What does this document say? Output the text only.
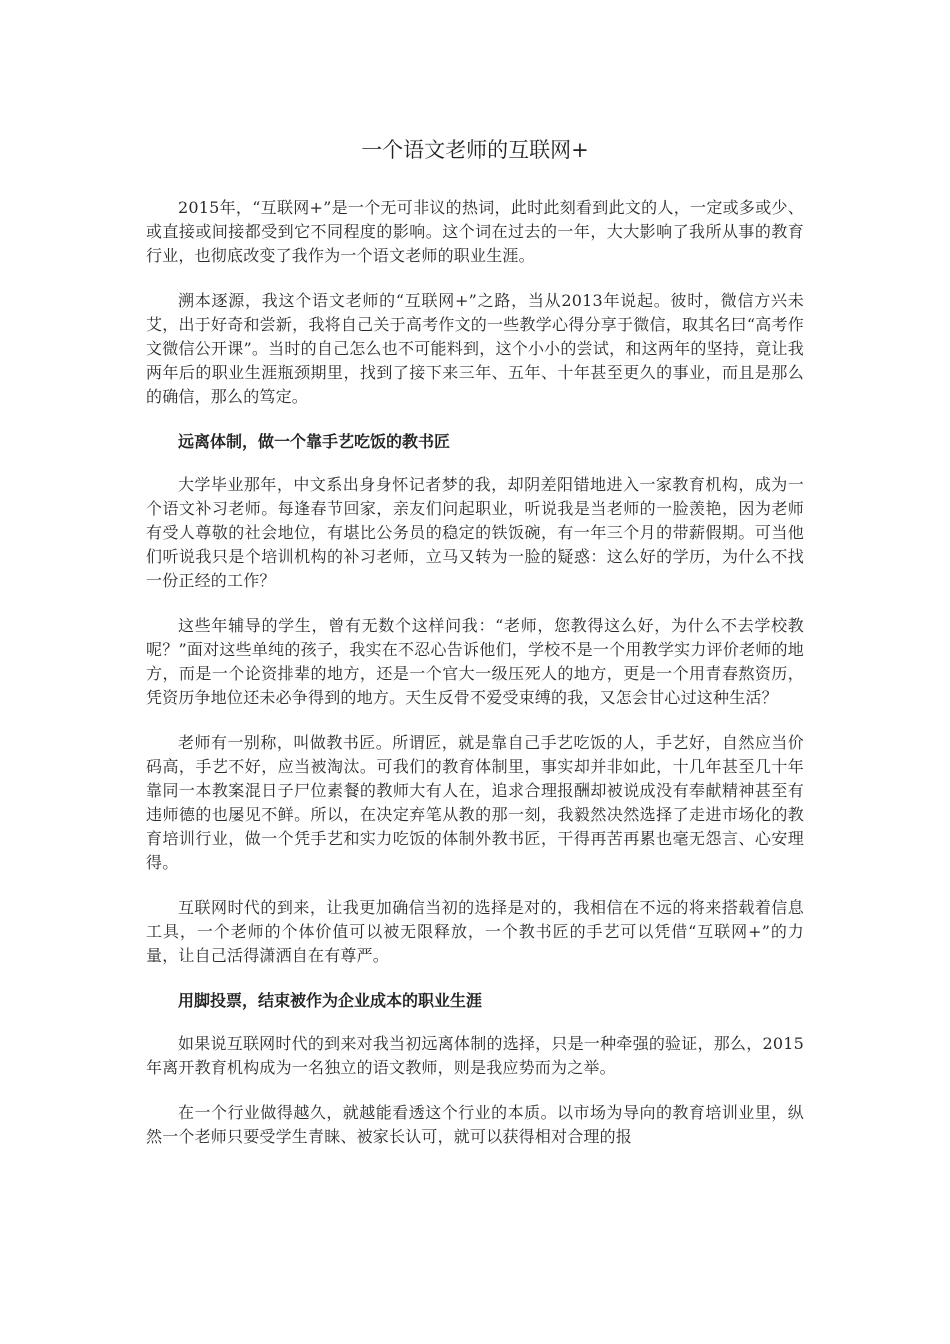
一个语文老师的互联网+

2015年，“互联网+”是一个无可非议的热词，此时此刻看到此文的人，一定或多或少、或直接或间接都受到它不同程度的影响。这个词在过去的一年，大大影响了我所从事的教育行业，也彻底改变了我作为一个语文老师的职业生涯。

溯本逐源，我这个语文老师的“互联网+”之路，当从2013年说起。彼时，微信方兴未艾，出于好奇和尝新，我将自己关于高考作文的一些教学心得分享于微信，取其名曰“高考作文微信公开课”。当时的自己怎么也不可能料到，这个小小的尝试，和这两年的坚持，竟让我两年后的职业生涯瓶颈期里，找到了接下来三年、五年、十年甚至更久的事业，而且是那么的确信，那么的笃定。

远离体制，做一个靠手艺吃饭的教书匠

大学毕业那年，中文系出身身怀记者梦的我，却阴差阳错地进入一家教育机构，成为一个语文补习老师。每逢春节回家，亲友们问起职业，听说我是当老师的一脸羡艳，因为老师有受人尊敬的社会地位，有堪比公务员的稳定的铁饭碗，有一年三个月的带薪假期。可当他们听说我只是个培训机构的补习老师，立马又转为一脸的疑惑：这么好的学历，为什么不找一份正经的工作？

这些年辅导的学生，曾有无数个这样问我：“老师，您教得这么好，为什么不去学校教呢？”面对这些单纯的孩子，我实在不忍心告诉他们，学校不是一个用教学实力评价老师的地方，而是一个论资排辈的地方，还是一个官大一级压死人的地方，更是一个用青春熬资历，凭资历争地位还未必争得到的地方。天生反骨不爱受束缚的我，又怎会甘心过这种生活？

老师有一别称，叫做教书匠。所谓匠，就是靠自己手艺吃饭的人，手艺好，自然应当价码高，手艺不好，应当被淘汰。可我们的教育体制里，事实却并非如此，十几年甚至几十年靠同一本教案混日子尸位素餐的教师大有人在，追求合理报酬却被说成没有奉献精神甚至有违师德的也屡见不鲜。所以，在决定弃笔从教的那一刻，我毅然决然选择了走进市场化的教育培训行业，做一个凭手艺和实力吃饭的体制外教书匠，干得再苦再累也毫无怨言、心安理得。

互联网时代的到来，让我更加确信当初的选择是对的，我相信在不远的将来搭载着信息工具，一个老师的个体价值可以被无限释放，一个教书匠的手艺可以凭借“互联网+”的力量，让自己活得潇洒自在有尊严。

用脚投票，结束被作为企业成本的职业生涯

如果说互联网时代的到来对我当初远离体制的选择，只是一种牵强的验证，那么，2015年离开教育机构成为一名独立的语文教师，则是我应势而为之举。

在一个行业做得越久，就越能看透这个行业的本质。以市场为导向的教育培训业里，纵然一个老师只要受学生青睐、被家长认可，就可以获得相对合理的报
